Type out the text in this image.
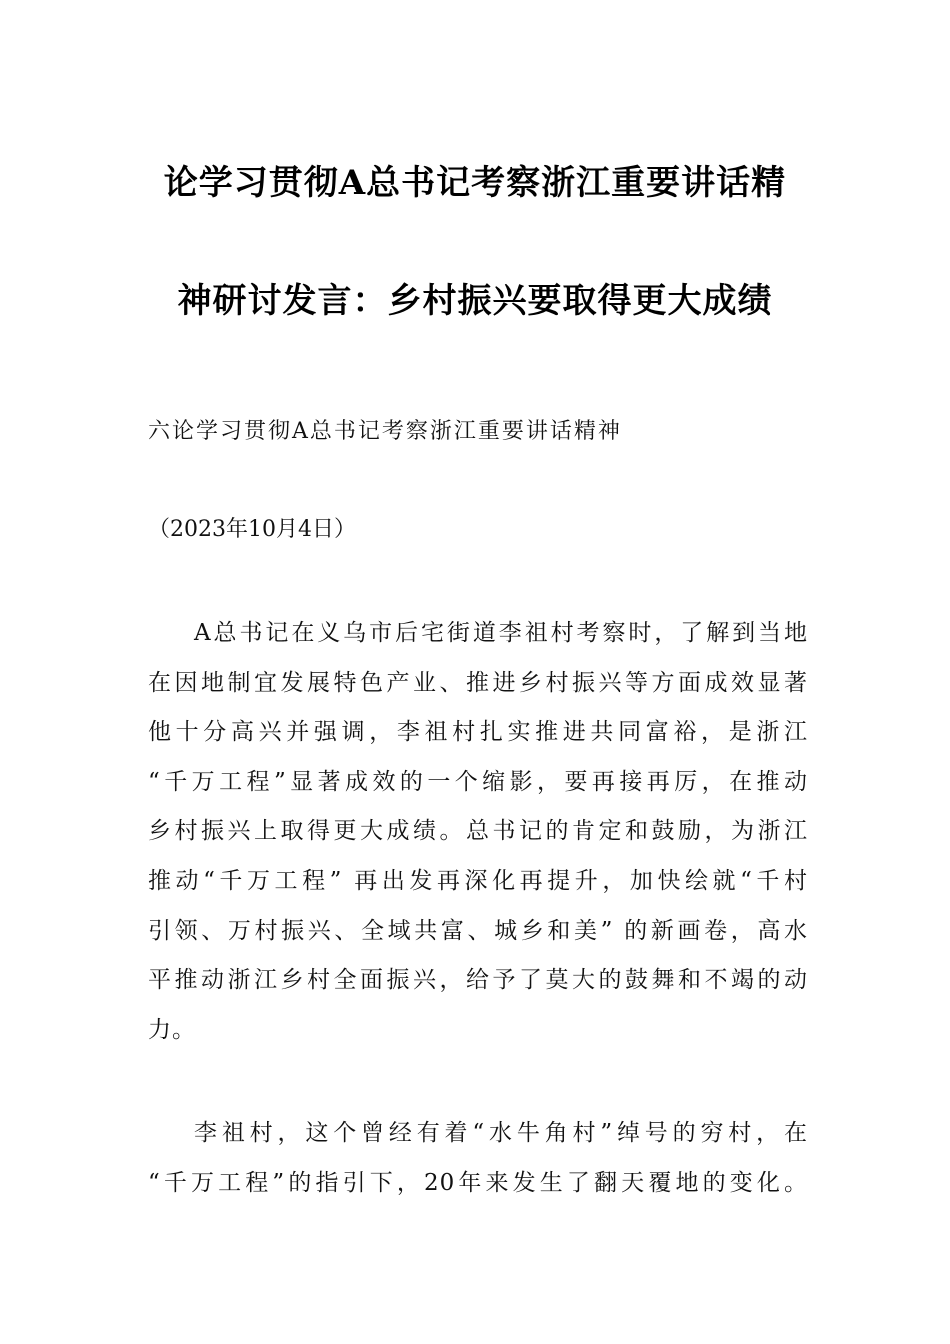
论学习贯彻A总书记考察浙江重要讲话精
神研讨发言：乡村振兴要取得更大成绩
六论学习贯彻A总书记考察浙江重要讲话精神
（2023年10月4日）
A总书记在义乌市后宅街道李祖村考察时，了解到当地
在因地制宜发展特色产业、推进乡村振兴等方面成效显著
他十分高兴并强调，李祖村扎实推进共同富裕，是浙江
“千万工程”显著成效的一个缩影，要再接再厉，在推动
乡村振兴上取得更大成绩。总书记的肯定和鼓励，为浙江
推动“千万工程” 再出发再深化再提升，加快绘就“千村
引领、万村振兴、全域共富、城乡和美” 的新画卷，高水
平推动浙江乡村全面振兴，给予了莫大的鼓舞和不竭的动
力。
李祖村，这个曾经有着“水牛角村”绰号的穷村，在
“千万工程”的指引下，20年来发生了翻天覆地的变化。
